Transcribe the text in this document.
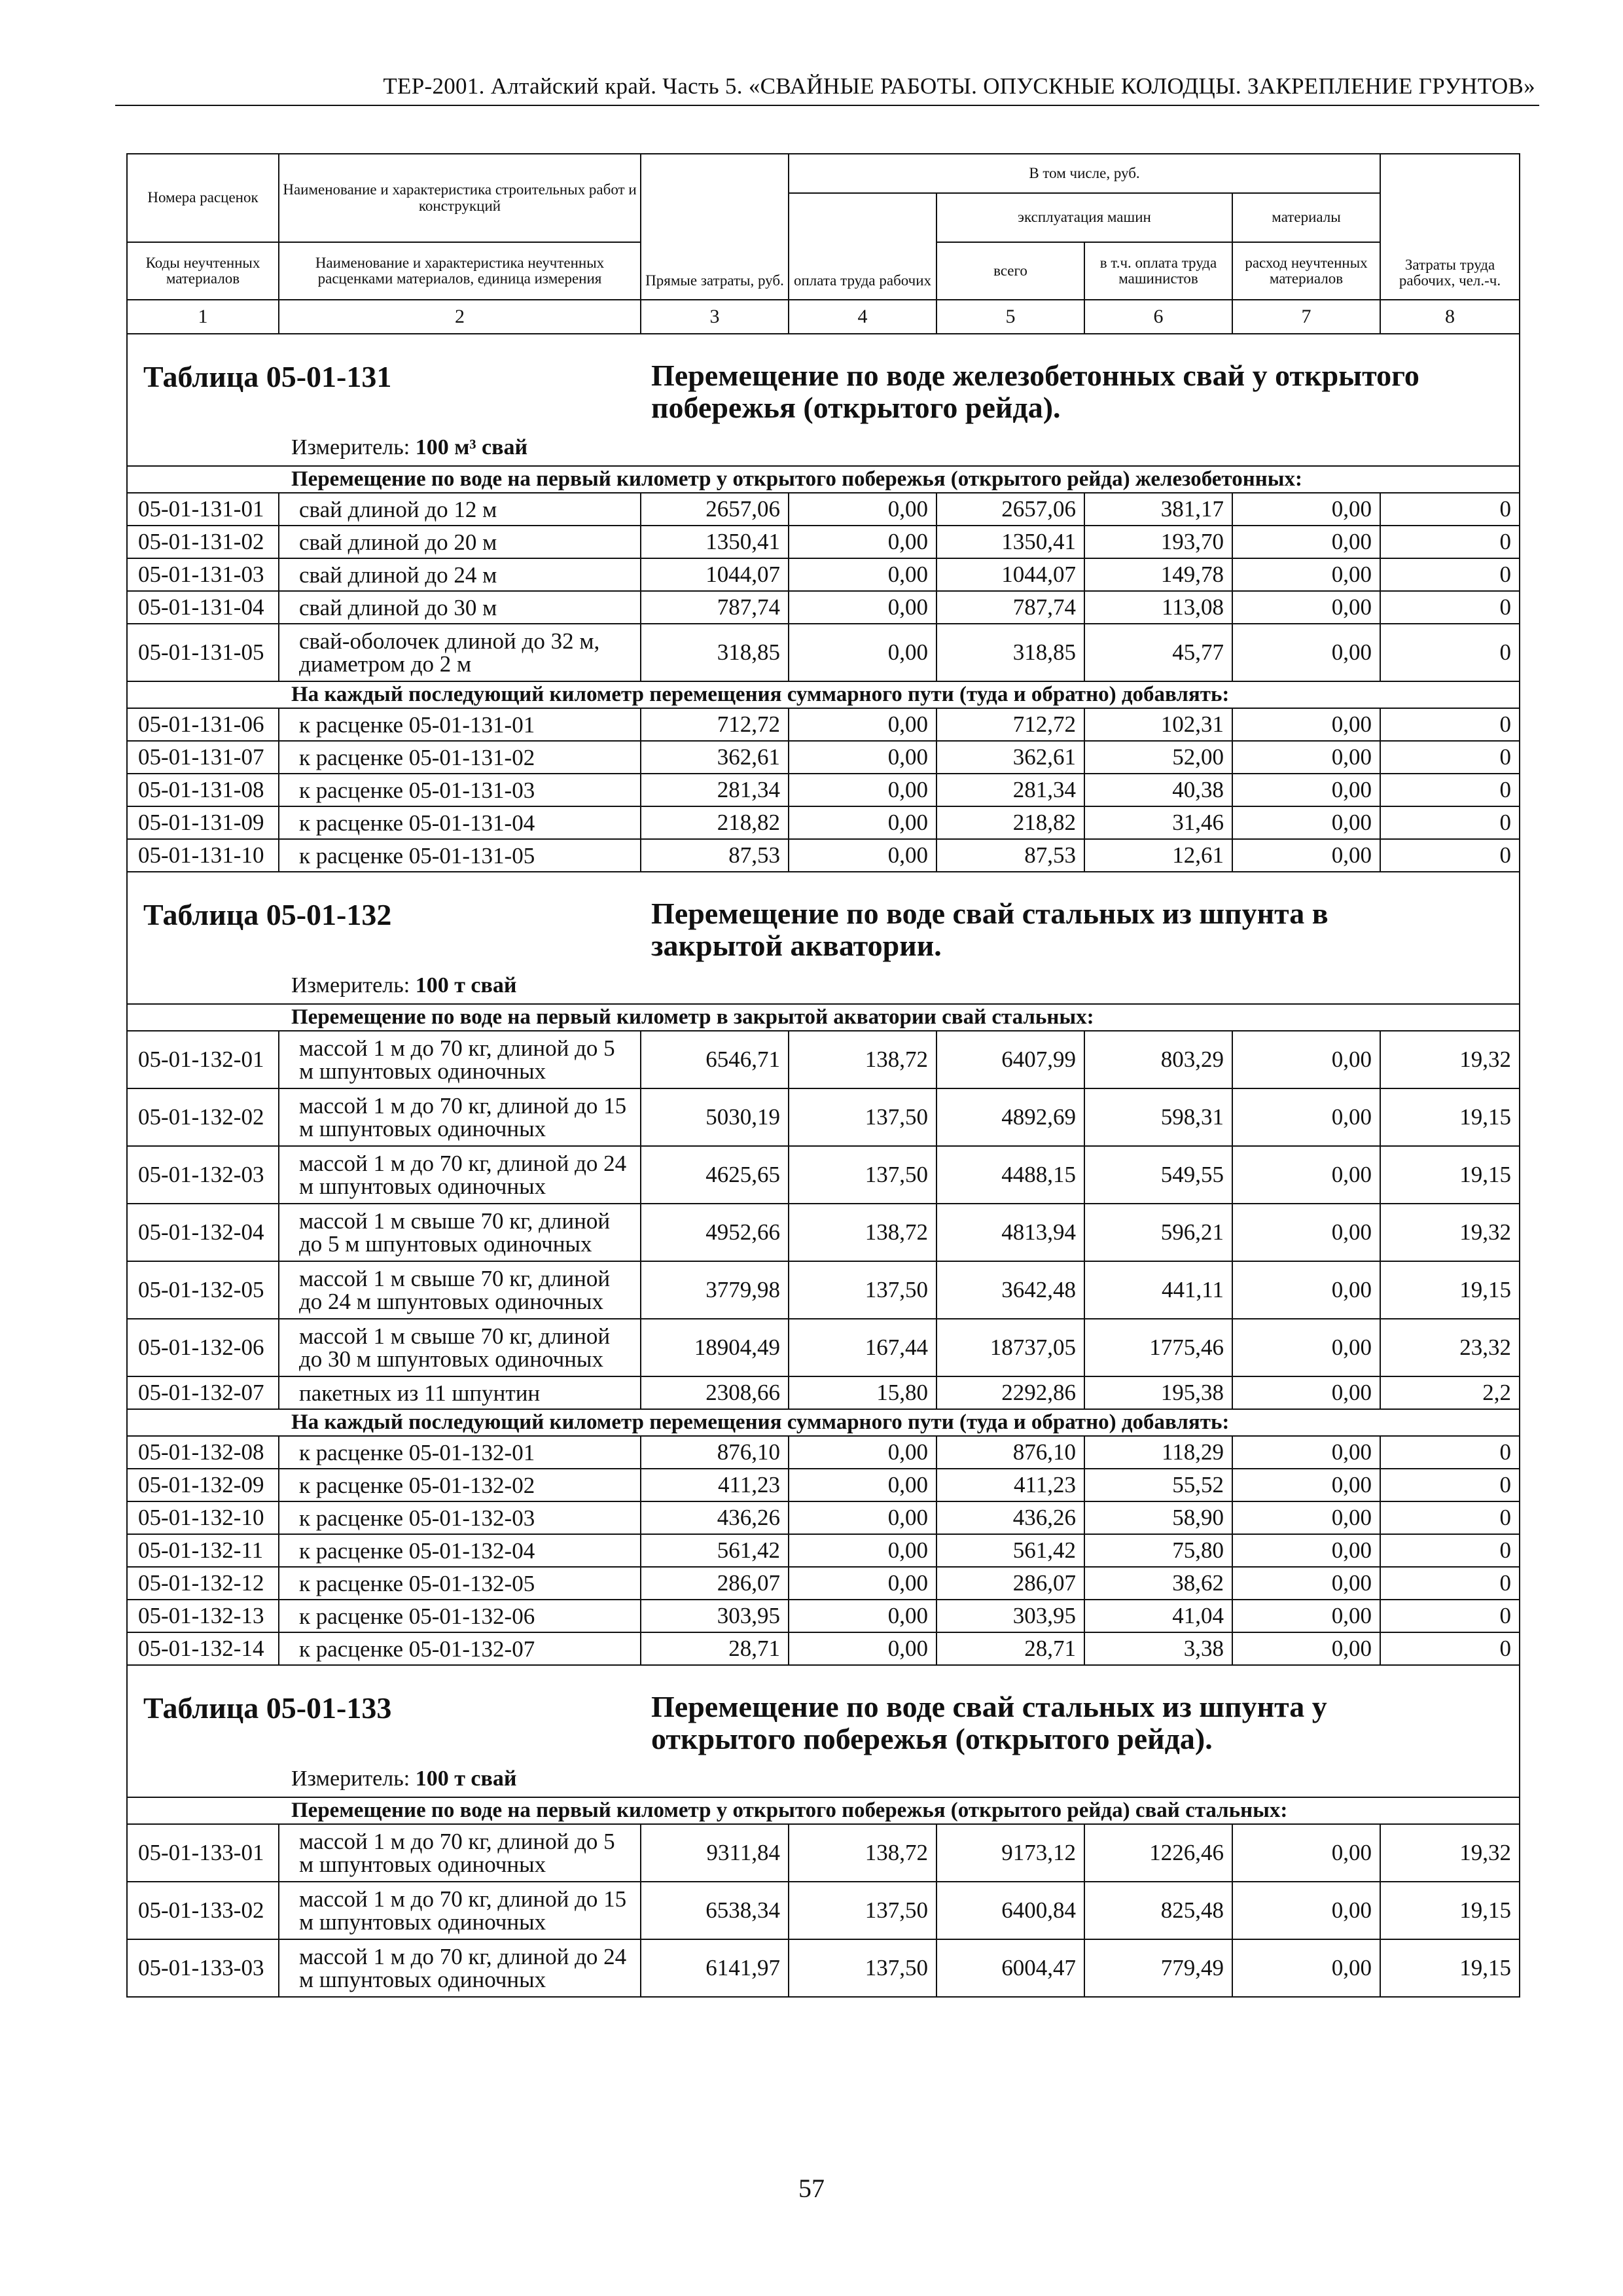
ТЕР-2001. Алтайский край. Часть 5. «СВАЙНЫЕ РАБОТЫ. ОПУСКНЫЕ КОЛОДЦЫ. ЗАКРЕПЛЕНИЕ ГРУНТОВ»
Номера расценок	Наименование и характеристика строительных работ и конструкций	Прямые затраты, руб.	В том числе, руб.				Затраты труда рабочих, чел.-ч.
			оплата труда рабочих	эксплуатация машин		материалы	
Коды неучтенных материалов	Наименование и характеристика неучтенных расценками материалов, единица измерения			всего	в т.ч. оплата труда машинистов	расход неучтенных материалов	
1	2	3	4	5	6	7	8

Таблица 05-01-131 Перемещение по воде железобетонных свай у открытого побережья (открытого рейда).
Измеритель: 100 м³ свай							

Перемещение по воде на первый километр у открытого побережья (открытого рейда) железобетонных:							
05-01-131-01	свай длиной до 12 м	2657,06	0,00	2657,06	381,17	0,00	0
05-01-131-02	свай длиной до 20 м	1350,41	0,00	1350,41	193,70	0,00	0
05-01-131-03	свай длиной до 24 м	1044,07	0,00	1044,07	149,78	0,00	0
05-01-131-04	свай длиной до 30 м	787,74	0,00	787,74	113,08	0,00	0
05-01-131-05	свай-оболочек длиной до 32 м, диаметром до 2 м	318,85	0,00	318,85	45,77	0,00	0
На каждый последующий километр перемещения суммарного пути (туда и обратно) добавлять:							
05-01-131-06	к расценке 05-01-131-01	712,72	0,00	712,72	102,31	0,00	0
05-01-131-07	к расценке 05-01-131-02	362,61	0,00	362,61	52,00	0,00	0
05-01-131-08	к расценке 05-01-131-03	281,34	0,00	281,34	40,38	0,00	0
05-01-131-09	к расценке 05-01-131-04	218,82	0,00	218,82	31,46	0,00	0
05-01-131-10	к расценке 05-01-131-05	87,53	0,00	87,53	12,61	0,00	0

Таблица 05-01-132 Перемещение по воде свай стальных из шпунта в закрытой акватории.
Измеритель: 100 т свай							

Перемещение по воде на первый километр в закрытой акватории свай стальных:							
05-01-132-01	массой 1 м до 70 кг, длиной до 5 м шпунтовых одиночных	6546,71	138,72	6407,99	803,29	0,00	19,32
05-01-132-02	массой 1 м до 70 кг, длиной до 15 м шпунтовых одиночных	5030,19	137,50	4892,69	598,31	0,00	19,15
05-01-132-03	массой 1 м до 70 кг, длиной до 24 м шпунтовых одиночных	4625,65	137,50	4488,15	549,55	0,00	19,15
05-01-132-04	массой 1 м свыше 70 кг, длиной до 5 м шпунтовых одиночных	4952,66	138,72	4813,94	596,21	0,00	19,32
05-01-132-05	массой 1 м свыше 70 кг, длиной до 24 м шпунтовых одиночных	3779,98	137,50	3642,48	441,11	0,00	19,15
05-01-132-06	массой 1 м свыше 70 кг, длиной до 30 м шпунтовых одиночных	18904,49	167,44	18737,05	1775,46	0,00	23,32
05-01-132-07	пакетных из 11 шпунтин	2308,66	15,80	2292,86	195,38	0,00	2,2
На каждый последующий километр перемещения суммарного пути (туда и обратно) добавлять:							
05-01-132-08	к расценке 05-01-132-01	876,10	0,00	876,10	118,29	0,00	0
05-01-132-09	к расценке 05-01-132-02	411,23	0,00	411,23	55,52	0,00	0
05-01-132-10	к расценке 05-01-132-03	436,26	0,00	436,26	58,90	0,00	0
05-01-132-11	к расценке 05-01-132-04	561,42	0,00	561,42	75,80	0,00	0
05-01-132-12	к расценке 05-01-132-05	286,07	0,00	286,07	38,62	0,00	0
05-01-132-13	к расценке 05-01-132-06	303,95	0,00	303,95	41,04	0,00	0
05-01-132-14	к расценке 05-01-132-07	28,71	0,00	28,71	3,38	0,00	0

Таблица 05-01-133 Перемещение по воде свай стальных из шпунта у открытого побережья (открытого рейда).
Измеритель: 100 т свай							

Перемещение по воде на первый километр у открытого побережья (открытого рейда) свай стальных:							
05-01-133-01	массой 1 м до 70 кг, длиной до 5 м шпунтовых одиночных	9311,84	138,72	9173,12	1226,46	0,00	19,32
05-01-133-02	массой 1 м до 70 кг, длиной до 15 м шпунтовых одиночных	6538,34	137,50	6400,84	825,48	0,00	19,15
05-01-133-03	массой 1 м до 70 кг, длиной до 24 м шпунтовых одиночных	6141,97	137,50	6004,47	779,49	0,00	19,15
57
